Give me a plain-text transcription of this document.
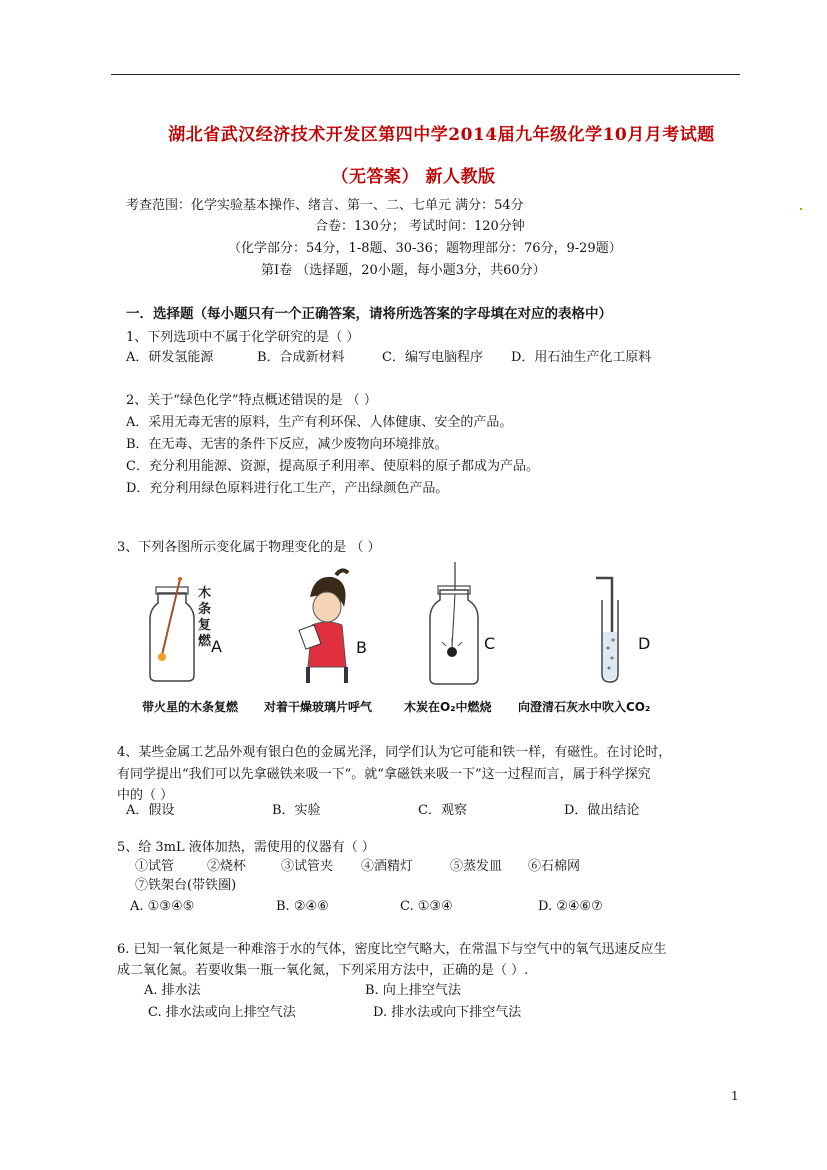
湖北省武汉经济技术开发区第四中学2014届九年级化学10月月考试题
（无答案） 新人教版
考查范围：化学实验基本操作、绪言、第一、二、七单元 满分：54分
合卷：130分； 考试时间：120分钟
（化学部分：54分，1-8题、30-36；题物理部分：76分，9-29题）
第Ⅰ卷 （选择题，20小题，每小题3分，共60分）
一．选择题（每小题只有一个正确答案，请将所选答案的字母填在对应的表格中）
1、下列选项中不属于化学研究的是（ ）
A．研发氢能源	B．合成新材料	C．编写电脑程序 D．用石油生产化工原料
2、关于“绿色化学”特点概述错误的是 （ ）
A．采用无毒无害的原料，生产有利环保、人体健康、安全的产品。
B．在无毒、无害的条件下反应，减少废物向环境排放。
C．充分利用能源、资源，提高原子利用率、使原料的原子都成为产品。
D．充分利用绿色原料进行化工生产，产出绿颜色产品。
3、下列各图所示变化属于物理变化的是 （ ）
木条复燃 A	B	C	D
带火星的木条复燃 对着干燥玻璃片呼气	木炭在O₂中燃烧 向澄清石灰水中吹入CO₂
4、某些金属工艺品外观有银白色的金属光泽，同学们认为它可能和铁一样，有磁性。在讨论时，
有同学提出“我们可以先拿磁铁来吸一下”。就“拿磁铁来吸一下”这一过程而言，属于科学探究
中的（ ）
A．假设	B．实验	C．观察	D．做出结论
5、给 3mL 液体加热，需使用的仪器有（ ）
①试管	②烧杯	③试管夹 ④酒精灯	⑤蒸发皿 ⑥石棉网
⑦铁架台(带铁圈)
A. ①③④⑤	B. ②④⑥	C. ①③④	D. ②④⑥⑦
6. 已知一氧化氮是一种难溶于水的气体，密度比空气略大，在常温下与空气中的氧气迅速反应生
成二氧化氮。若要收集一瓶一氧化氮，下列采用方法中，正确的是（ ）.
A. 排水法	B. 向上排空气法
C. 排水法或向上排空气法	D. 排水法或向下排空气法
1
